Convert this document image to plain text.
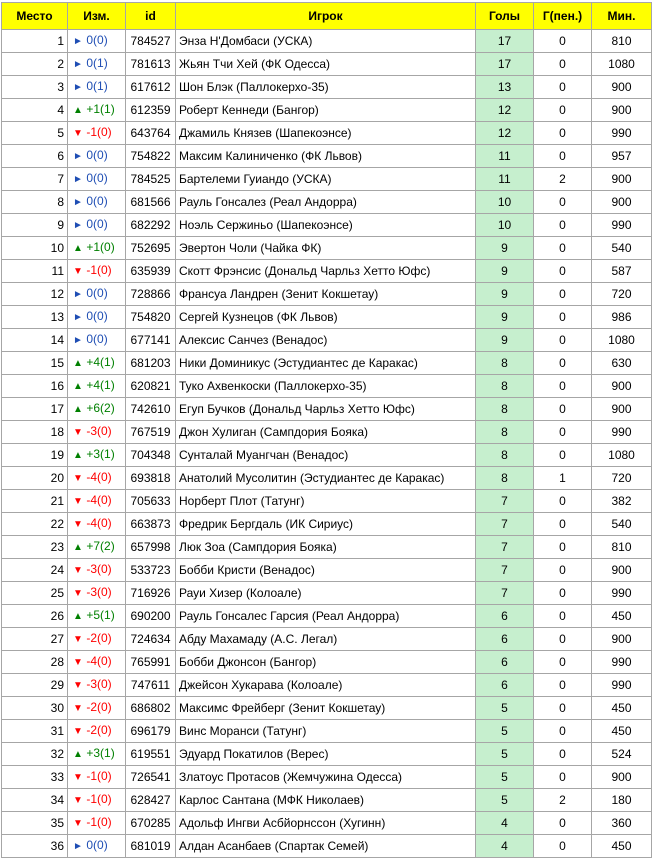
Место	Изм.	id	Игрок	Голы	Г(пен.)	Мин.
1	► 0(0)	784527	Энза Н'Домбаси (УСКА)	17	0	810
2	► 0(1)	781613	Жьян Тчи Хей (ФК Одесса)	17	0	1080
3	► 0(1)	617612	Шон Блэк (Паллокерхо-35)	13	0	900
4	▲ +1(1)	612359	Роберт Кеннеди (Бангор)	12	0	900
5	▼ -1(0)	643764	Джамиль Князев (Шапекоэнсе)	12	0	990
6	► 0(0)	754822	Максим Калиниченко (ФК Львов)	11	0	957
7	► 0(0)	784525	Бартелеми Гуиандо (УСКА)	11	2	900
8	► 0(0)	681566	Рауль Гонсалез (Реал Андорра)	10	0	900
9	► 0(0)	682292	Ноэль Сержиньо (Шапекоэнсе)	10	0	990
10	▲ +1(0)	752695	Эвертон Чоли (Чайка ФК)	9	0	540
11	▼ -1(0)	635939	Скотт Фрэнсис (Дональд Чарльз Хетто Юфс)	9	0	587
12	► 0(0)	728866	Франсуа Ландрен (Зенит Кокшетау)	9	0	720
13	► 0(0)	754820	Сергей Кузнецов (ФК Львов)	9	0	986
14	► 0(0)	677141	Алексис Санчез (Венадос)	9	0	1080
15	▲ +4(1)	681203	Ники Доминикус (Эстудиантес де Каракас)	8	0	630
16	▲ +4(1)	620821	Туко Ахвенкоски (Паллокерхо-35)	8	0	900
17	▲ +6(2)	742610	Егуп Бучков (Дональд Чарльз Хетто Юфс)	8	0	900
18	▼ -3(0)	767519	Джон Хулиган (Сампдория Бояка)	8	0	990
19	▲ +3(1)	704348	Сунталай Муангчан (Венадос)	8	0	1080
20	▼ -4(0)	693818	Анатолий Мусолитин (Эстудиантес де Каракас)	8	1	720
21	▼ -4(0)	705633	Норберт Плот (Татунг)	7	0	382
22	▼ -4(0)	663873	Фредрик Бергдаль (ИК Сириус)	7	0	540
23	▲ +7(2)	657998	Люк Зоа (Сампдория Бояка)	7	0	810
24	▼ -3(0)	533723	Бобби Кристи (Венадос)	7	0	900
25	▼ -3(0)	716926	Рауи Хизер (Колоале)	7	0	990
26	▲ +5(1)	690200	Рауль Гонсалес Гарсия (Реал Андорра)	6	0	450
27	▼ -2(0)	724634	Абду Махамаду (А.С. Легал)	6	0	900
28	▼ -4(0)	765991	Бобби Джонсон (Бангор)	6	0	990
29	▼ -3(0)	747611	Джейсон Хукарава (Колоале)	6	0	990
30	▼ -2(0)	686802	Максимс Фрейберг (Зенит Кокшетау)	5	0	450
31	▼ -2(0)	696179	Винс Моранси (Татунг)	5	0	450
32	▲ +3(1)	619551	Эдуард Покатилов (Верес)	5	0	524
33	▼ -1(0)	726541	Златоус Протасов (Жемчужина Одесса)	5	0	900
34	▼ -1(0)	628427	Карлос Сантана (МФК Николаев)	5	2	180
35	▼ -1(0)	670285	Адольф Ингви Асбйорнссон (Хугинн)	4	0	360
36	► 0(0)	681019	Алдан Асанбаев (Спартак Семей)	4	0	450
